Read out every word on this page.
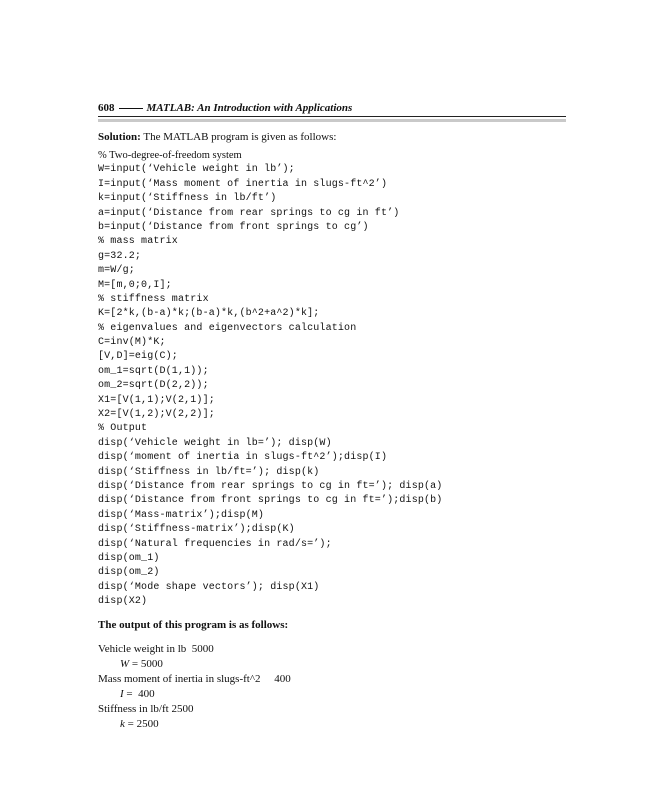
608	MATLAB: An Introduction with Applications
Solution: The MATLAB program is given as follows:
% Two-degree-of-freedom system
W=input(‘Vehicle weight in lb’);
I=input(‘Mass moment of inertia in slugs-ft^2’)
k=input(‘Stiffness in lb/ft’)
a=input(‘Distance from rear springs to cg in ft’)
b=input(‘Distance from front springs to cg’)
% mass matrix
g=32.2;
m=W/g;
M=[m,0;0,I];
% stiffness matrix
K=[2*k,(b-a)*k;(b-a)*k,(b^2+a^2)*k];
% eigenvalues and eigenvectors calculation
C=inv(M)*K;
[V,D]=eig(C);
om_1=sqrt(D(1,1));
om_2=sqrt(D(2,2));
X1=[V(1,1);V(2,1)];
X2=[V(1,2);V(2,2)];
% Output
disp(‘Vehicle weight in lb=’); disp(W)
disp(‘moment of inertia in slugs-ft^2’);disp(I)
disp(‘Stiffness in lb/ft=’); disp(k)
disp(‘Distance from rear springs to cg in ft=’); disp(a)
disp(‘Distance from front springs to cg in ft=’);disp(b)
disp(‘Mass-matrix’);disp(M)
disp(‘Stiffness-matrix’);disp(K)
disp(‘Natural frequencies in rad/s=’);
disp(om_1)
disp(om_2)
disp(‘Mode shape vectors’); disp(X1)
disp(X2)
The output of this program is as follows:
Vehicle weight in lb  5000
W = 5000
Mass moment of inertia in slugs-ft^2     400
I =  400
Stiffness in lb/ft 2500
k = 2500
